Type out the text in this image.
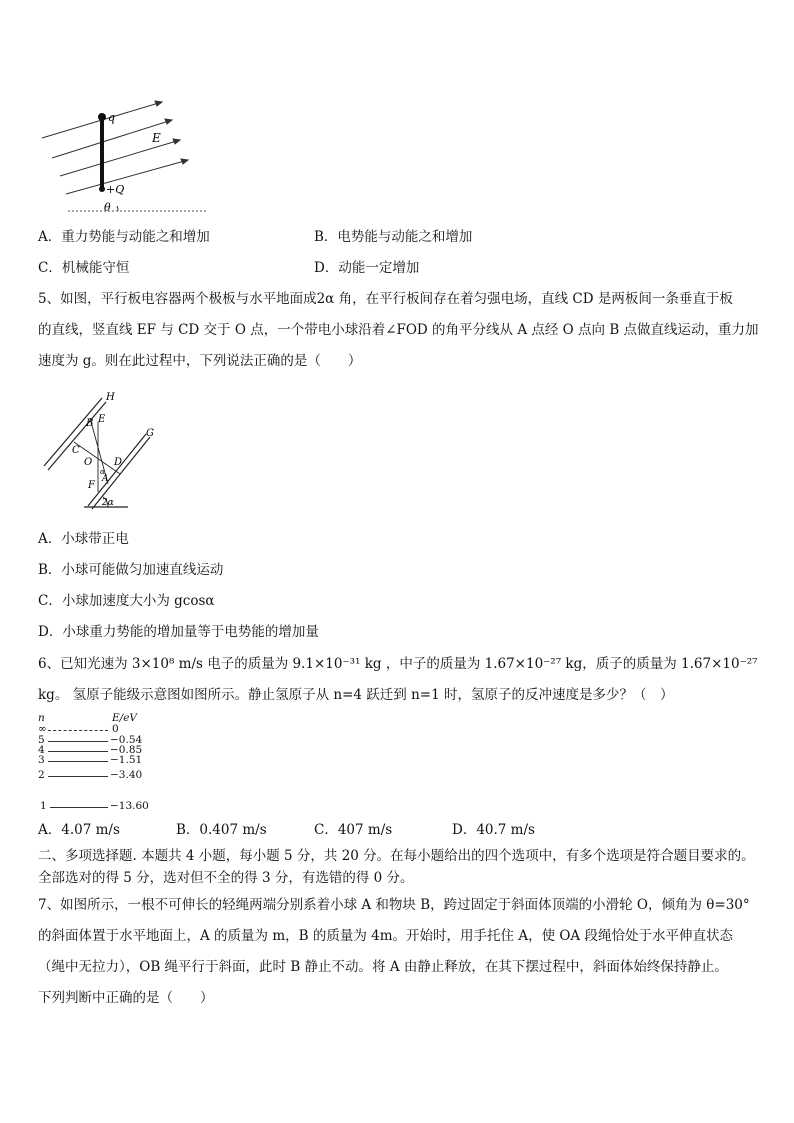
q
+Q
E
θ
A．重力势能与动能之和增加	B．电势能与动能之和增加
C．机械能守恒	D．动能一定增加
5、如图，平行板电容器两个极板与水平地面成2α 角，在平行板间存在着匀强电场，直线 CD 是两板间一条垂直于板
的直线，竖直线 EF 与 CD 交于 O 点，一个带电小球沿着∠FOD 的角平分线从 A 点经 O 点向 B 点做直线运动，重力加
速度为 g。则在此过程中，下列说法正确的是（　　）
H
G
B E
C
O D
α
A
F
2α
A．小球带正电
B．小球可能做匀加速直线运动
C．小球加速度大小为 gcosα
D．小球重力势能的增加量等于电势能的增加量
6、已知光速为 3×10⁸ m/s 电子的质量为 9.1×10⁻³¹ kg ，中子的质量为 1.67×10⁻²⁷ kg，质子的质量为 1.67×10⁻²⁷
kg。 氢原子能级示意图如图所示。静止氢原子从 n=4 跃迁到 n=1 时，氢原子的反冲速度是多少？（　）
n	E/eV
∞	0
5	−0.54
4	−0.85
3	−1.51
2	−3.40
1	−13.60
A．4.07 m/s	B．0.407 m/s	C．407 m/s	D．40.7 m/s
二、多项选择题. 本题共 4 小题，每小题 5 分，共 20 分。在每小题给出的四个选项中，有多个选项是符合题目要求的。
全部选对的得 5 分，选对但不全的得 3 分，有选错的得 0 分。
7、如图所示，一根不可伸长的轻绳两端分别系着小球 A 和物块 B，跨过固定于斜面体顶端的小滑轮 O，倾角为 θ=30°
的斜面体置于水平地面上，A 的质量为 m，B 的质量为 4m。开始时，用手托住 A，使 OA 段绳恰处于水平伸直状态
（绳中无拉力），OB 绳平行于斜面，此时 B 静止不动。将 A 由静止释放，在其下摆过程中，斜面体始终保持静止。
下列判断中正确的是（　　）
